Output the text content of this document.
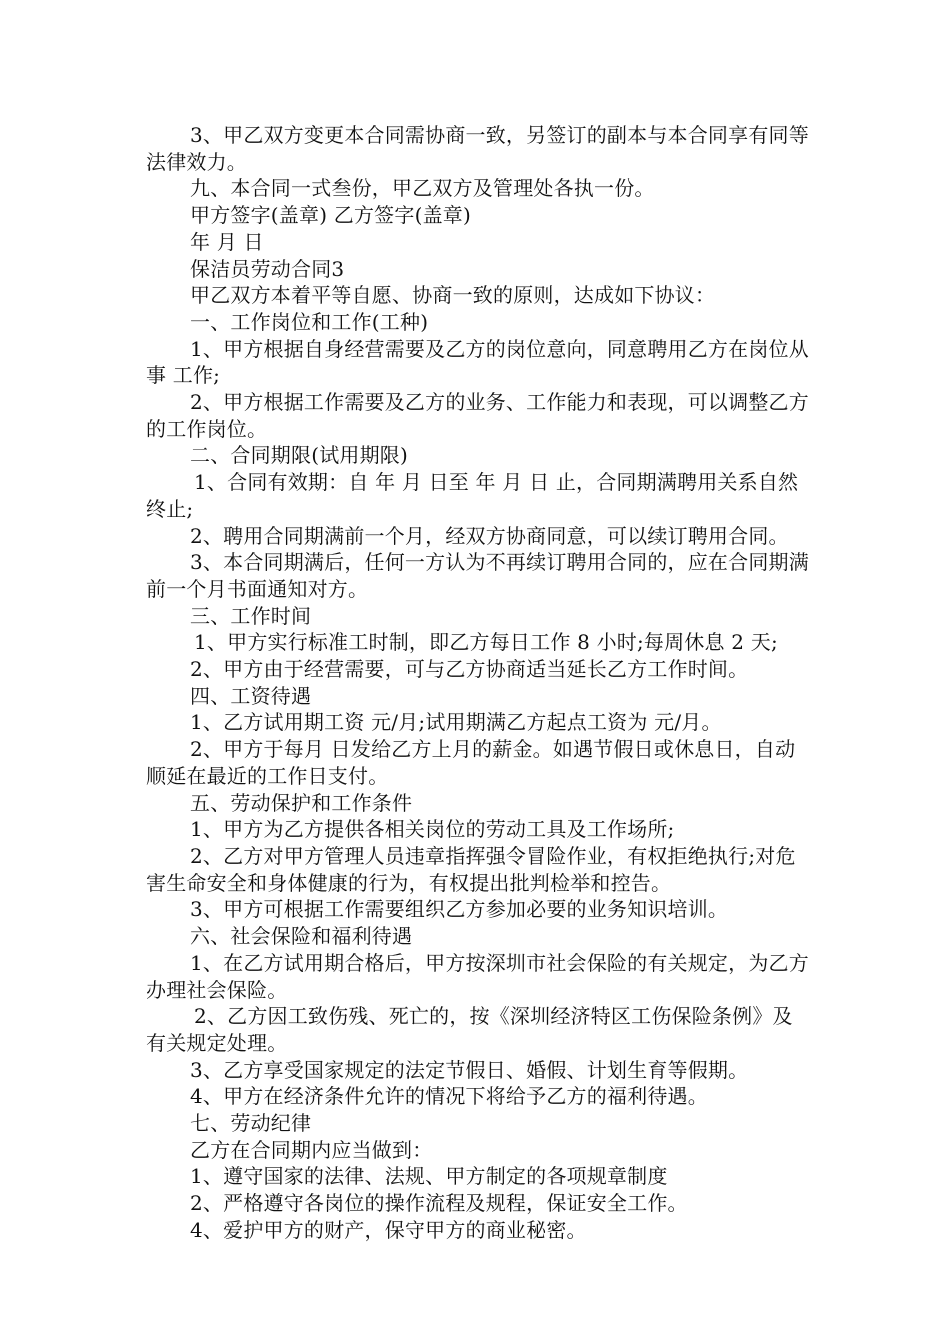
3、甲乙双方变更本合同需协商一致，另签订的副本与本合同享有同等法律效力。

九、本合同一式叁份，甲乙双方及管理处各执一份。

甲方签字(盖章) 乙方签字(盖章)

年 月 日

保洁员劳动合同3

甲乙双方本着平等自愿、协商一致的原则，达成如下协议：

一、工作岗位和工作(工种)

1、甲方根据自身经营需要及乙方的岗位意向，同意聘用乙方在岗位从事 工作;

2、甲方根据工作需要及乙方的业务、工作能力和表现，可以调整乙方的工作岗位。

二、合同期限(试用期限)

1、合同有效期：自 年 月 日至 年 月 日 止，合同期满聘用关系自然终止;

2、聘用合同期满前一个月，经双方协商同意，可以续订聘用合同。

3、本合同期满后，任何一方认为不再续订聘用合同的，应在合同期满前一个月书面通知对方。

三、工作时间

1、甲方实行标准工时制，即乙方每日工作 8 小时;每周休息 2 天;

2、甲方由于经营需要，可与乙方协商适当延长乙方工作时间。

四、工资待遇

1、乙方试用期工资 元/月;试用期满乙方起点工资为 元/月。

2、甲方于每月 日发给乙方上月的薪金。如遇节假日或休息日，自动顺延在最近的工作日支付。

五、劳动保护和工作条件

1、甲方为乙方提供各相关岗位的劳动工具及工作场所;

2、乙方对甲方管理人员违章指挥强令冒险作业，有权拒绝执行;对危害生命安全和身体健康的行为，有权提出批判检举和控告。

3、甲方可根据工作需要组织乙方参加必要的业务知识培训。

六、社会保险和福利待遇

1、在乙方试用期合格后，甲方按深圳市社会保险的有关规定，为乙方办理社会保险。

2、乙方因工致伤残、死亡的，按《深圳经济特区工伤保险条例》及有关规定处理。

3、乙方享受国家规定的法定节假日、婚假、计划生育等假期。

4、甲方在经济条件允许的情况下将给予乙方的福利待遇。

七、劳动纪律

乙方在合同期内应当做到：

1、遵守国家的法律、法规、甲方制定的各项规章制度

2、严格遵守各岗位的操作流程及规程，保证安全工作。

4、爱护甲方的财产，保守甲方的商业秘密。
